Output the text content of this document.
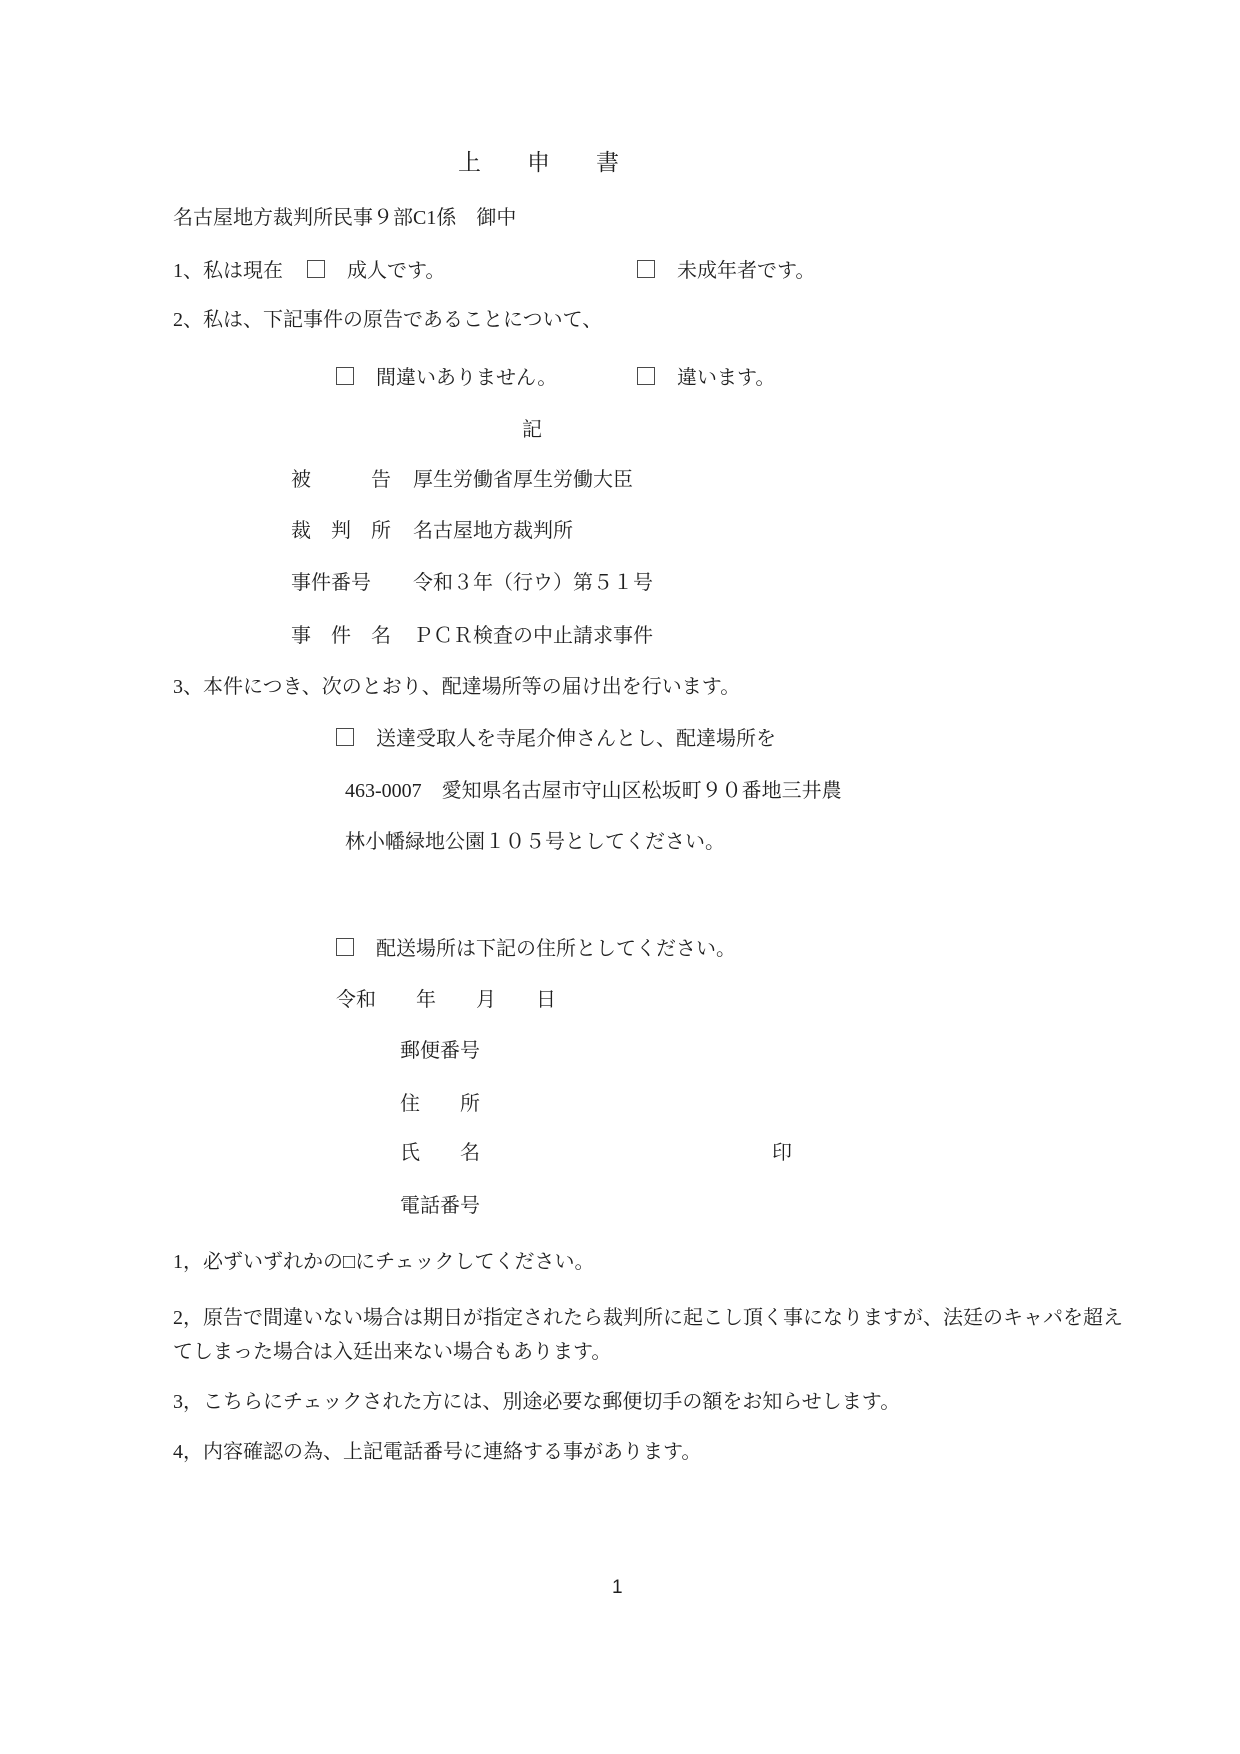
上　　申　　書
名古屋地方裁判所民事９部C1係　御中
1、私は現在	成人です。	未成年者です。
2、私は、下記事件の原告であることについて、
間違いありません。	違います。
記
被　　　告 厚生労働省厚生労働大臣
裁　判　所 名古屋地方裁判所
事件番号 令和３年（行ウ）第５１号
事　件　名 ＰＣＲ検査の中止請求事件
3、本件につき、次のとおり、配達場所等の届け出を行います。
送達受取人を寺尾介伸さんとし、配達場所を
463-0007　愛知県名古屋市守山区松坂町９０番地三井農
林小幡緑地公園１０５号としてください。
配送場所は下記の住所としてください。
令和　　年　　月　　日
郵便番号
住　　所
氏　　名	印
電話番号
1，必ずいずれかの□にチェックしてください。
2，原告で間違いない場合は期日が指定されたら裁判所に起こし頂く事になりますが、法廷のキャパを超えてしまった場合は入廷出来ない場合もあります。
3，こちらにチェックされた方には、別途必要な郵便切手の額をお知らせします。
4，内容確認の為、上記電話番号に連絡する事があります。
1
